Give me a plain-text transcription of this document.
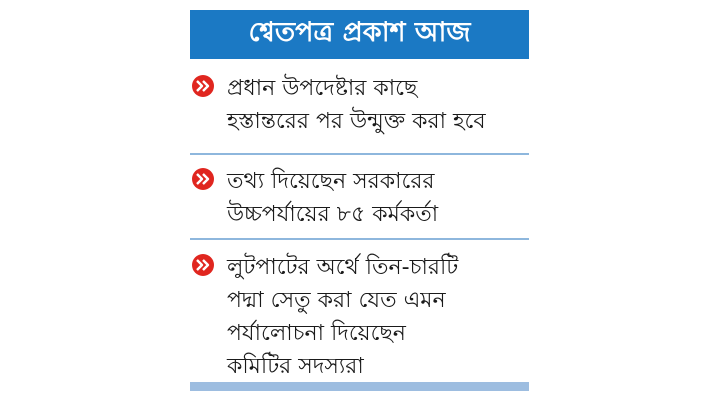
শ্বেতপত্র প্রকাশ আজ
প্রধান উপদেষ্টার কাছে
হস্তান্তরের পর উন্মুক্ত করা হবে
তথ্য দিয়েছেন সরকারের
উচ্চপর্যায়ের ৮৫ কর্মকর্তা
লুটপাটের অর্থে তিন-চারটি
পদ্মা সেতু করা যেত এমন
পর্যালোচনা দিয়েছেন
কমিটির সদস্যরা
